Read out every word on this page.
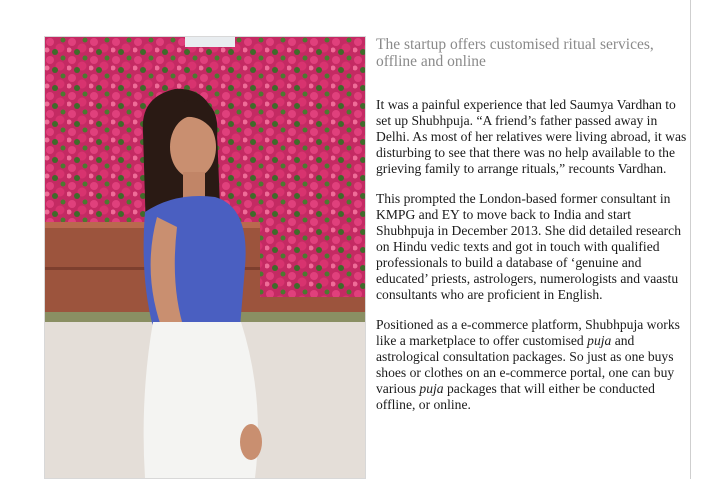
The startup offers customised ritual services, offline and online

It was a painful experience that led Saumya Vardhan to set up Shubhpuja. “A friend’s father passed away in Delhi. As most of her relatives were living abroad, it was disturbing to see that there was no help available to the grieving family to arrange rituals,” recounts Vardhan.

This prompted the London-based former consultant in KMPG and EY to move back to India and start Shubhpuja in December 2013. She did detailed research on Hindu vedic texts and got in touch with qualified professionals to build a database of ‘genuine and educated’ priests, astrologers, numerologists and vaastu consultants who are proficient in English.

Positioned as a e-commerce platform, Shubhpuja works like a marketplace to offer customised puja and astrological consultation packages. So just as one buys shoes or clothes on an e-commerce portal, one can buy various puja packages that will either be conducted offline, or online.
